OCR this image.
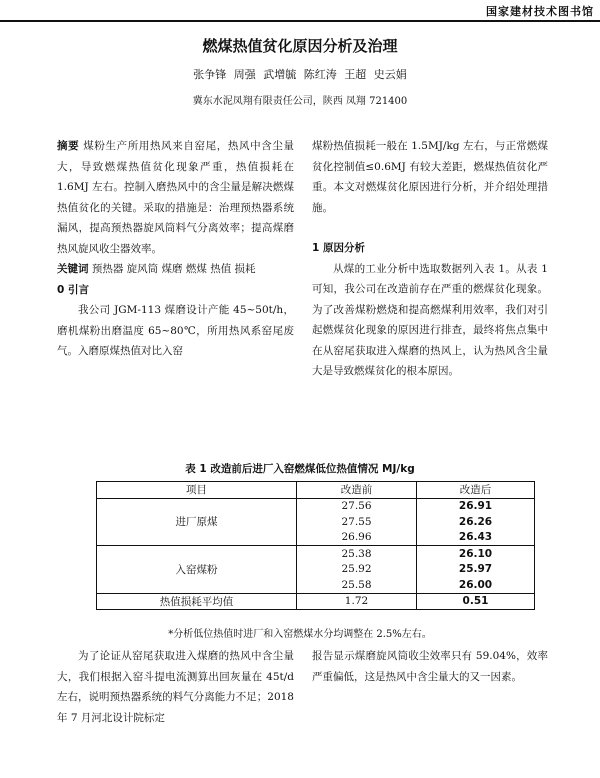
国家建材技术图书馆
燃煤热值贫化原因分析及治理
张争锋 周强 武增毓 陈红涛 王超 史云娟
冀东水泥凤翔有限责任公司，陕西 凤翔 721400

摘要 煤粉生产所用热风来自窑尾，热风中含尘量大，导致燃煤热值贫化现象严重，热值损耗在 1.6MJ 左右。控制入磨热风中的含尘量是解决燃煤热值贫化的关键。采取的措施是：治理预热器系统漏风，提高预热器旋风筒料气分离效率；提高煤磨热风旋风收尘器效率。

关键词 预热器 旋风筒 煤磨 燃煤 热值 损耗

0 引言

我公司 JGM-113 煤磨设计产能 45~50t/h，磨机煤粉出磨温度 65~80℃，所用热风系窑尾废气。入磨原煤热值对比入窑

煤粉热值损耗一般在 1.5MJ/kg 左右，与正常燃煤贫化控制值≤0.6MJ 有较大差距，燃煤热值贫化严重。本文对燃煤贫化原因进行分析，并介绍处理措施。

1 原因分析

从煤的工业分析中选取数据列入表 1。从表 1 可知，我公司在改造前存在严重的燃煤贫化现象。为了改善煤粉燃烧和提高燃煤利用效率，我们对引起燃煤贫化现象的原因进行排查，最终将焦点集中在从窑尾获取进入煤磨的热风上，认为热风含尘量大是导致燃煤贫化的根本原因。

表 1 改造前后进厂入窑燃煤低位热值情况 MJ/kg
项目	改造前	改造后
进厂原煤	27.56	26.91
	27.55	26.26
	26.96	26.43
入窑煤粉	25.38	26.10
	25.92	25.97
	25.58	26.00
热值损耗平均值	1.72	0.51
*分析低位热值时进厂和入窑燃煤水分均调整在 2.5%左右。

为了论证从窑尾获取进入煤磨的热风中含尘量大，我们根据入窑斗提电流测算出回灰量在 45t/d 左右，说明预热器系统的料气分离能力不足；2018 年 7 月河北设计院标定

报告显示煤磨旋风筒收尘效率只有 59.04%，效率严重偏低，这是热风中含尘量大的又一因素。
